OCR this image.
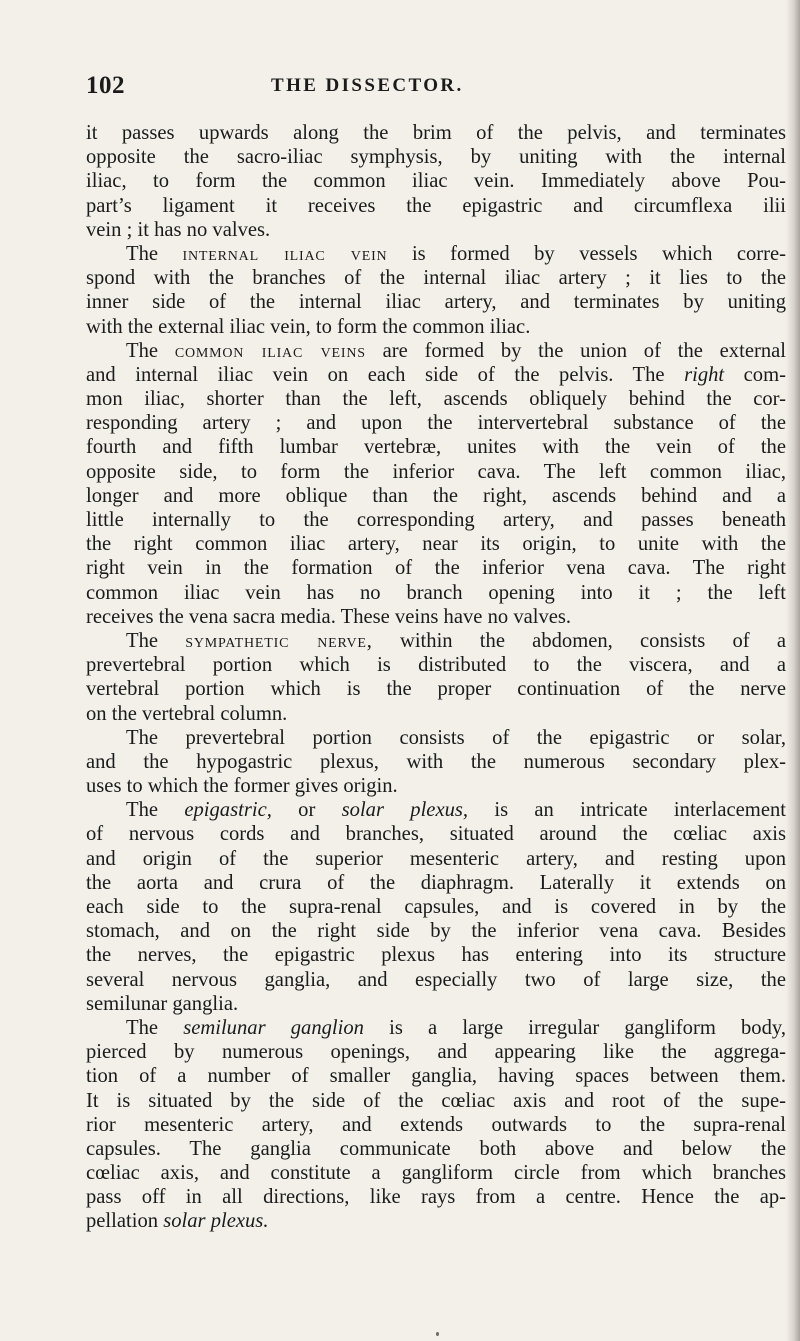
102	THE DISSECTOR.
it passes upwards along the brim of the pelvis, and terminates
opposite the sacro-iliac symphysis, by uniting with the internal
iliac, to form the common iliac vein. Immediately above Pou-
part’s ligament it receives the epigastric and circumflexa ilii
vein ; it has no valves.
The internal iliac vein is formed by vessels which corre-
spond with the branches of the internal iliac artery ; it lies to the
inner side of the internal iliac artery, and terminates by uniting
with the external iliac vein, to form the common iliac.
The common iliac veins are formed by the union of the external
and internal iliac vein on each side of the pelvis. The right com-
mon iliac, shorter than the left, ascends obliquely behind the cor-
responding artery ; and upon the intervertebral substance of the
fourth and fifth lumbar vertebræ, unites with the vein of the
opposite side, to form the inferior cava. The left common iliac,
longer and more oblique than the right, ascends behind and a
little internally to the corresponding artery, and passes beneath
the right common iliac artery, near its origin, to unite with the
right vein in the formation of the inferior vena cava. The right
common iliac vein has no branch opening into it ; the left
receives the vena sacra media. These veins have no valves.
The sympathetic nerve, within the abdomen, consists of a
prevertebral portion which is distributed to the viscera, and a
vertebral portion which is the proper continuation of the nerve
on the vertebral column.
The prevertebral portion consists of the epigastric or solar,
and the hypogastric plexus, with the numerous secondary plex-
uses to which the former gives origin.
The epigastric, or solar plexus, is an intricate interlacement
of nervous cords and branches, situated around the cœliac axis
and origin of the superior mesenteric artery, and resting upon
the aorta and crura of the diaphragm. Laterally it extends on
each side to the supra-renal capsules, and is covered in by the
stomach, and on the right side by the inferior vena cava. Besides
the nerves, the epigastric plexus has entering into its structure
several nervous ganglia, and especially two of large size, the
semilunar ganglia.
The semilunar ganglion is a large irregular gangliform body,
pierced by numerous openings, and appearing like the aggrega-
tion of a number of smaller ganglia, having spaces between them.
It is situated by the side of the cœliac axis and root of the supe-
rior mesenteric artery, and extends outwards to the supra-renal
capsules. The ganglia communicate both above and below the
cœliac axis, and constitute a gangliform circle from which branches
pass off in all directions, like rays from a centre. Hence the ap-
pellation solar plexus.
